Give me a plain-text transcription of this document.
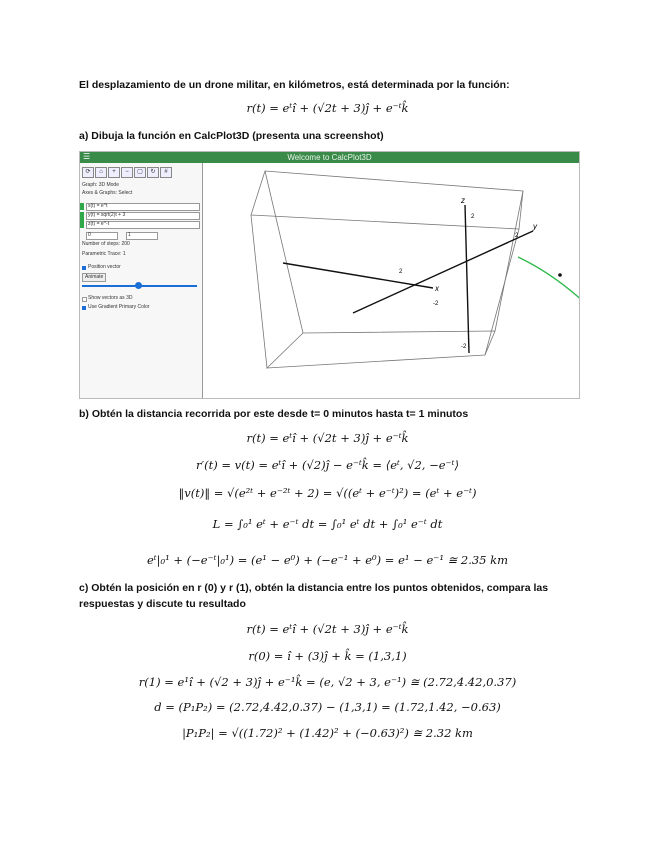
El desplazamiento de un drone militar, en kilómetros, está determinada por la función:
r(t) = eᵗî + (√2t + 3)ĵ + e⁻ᵗk̂
a) Dibuja la función en CalcPlot3D (presenta una screenshot)
Welcome to CalcPlot3D
☰
⟳	⌂	+	−	▢	↻	#
Graph: 3D Mode
Axes & Graphs: Select
x(t) = e^t
y(t) = sqrt(2)t + 3
z(t) = e^-t
0	1
Number of steps: 200
Parametric Trace: 1
Position vector
Animate
Show vectors as 3D
Use Gradient Primary Color
y
x
z
2
-2
2
2
-2
b) Obtén la distancia recorrida por este desde t= 0 minutos hasta t= 1 minutos
r(t) = eᵗî + (√2t + 3)ĵ + e⁻ᵗk̂
r′(t) = v(t) = eᵗî + (√2)ĵ − e⁻ᵗk̂ = ⟨eᵗ, √2, −e⁻ᵗ⟩
‖v(t)‖ = √(e²ᵗ + e⁻²ᵗ + 2) = √((eᵗ + e⁻ᵗ)²) = (eᵗ + e⁻ᵗ)
L = ∫₀¹ eᵗ + e⁻ᵗ dt = ∫₀¹ eᵗ dt + ∫₀¹ e⁻ᵗ dt
eᵗ|₀¹ + (−e⁻ᵗ|₀¹) = (e¹ − e⁰) + (−e⁻¹ + e⁰) = e¹ − e⁻¹ ≅ 2.35 km
c) Obtén la posición en r (0) y r (1), obtén la distancia entre los puntos obtenidos, compara las
respuestas y discute tu resultado
r(t) = eᵗî + (√2t + 3)ĵ + e⁻ᵗk̂
r(0) = î + (3)ĵ + k̂ = (1,3,1)
r(1) = e¹î + (√2 + 3)ĵ + e⁻¹k̂ = (e, √2 + 3, e⁻¹) ≅ (2.72,4.42,0.37)
d = (P₁P₂) = (2.72,4.42,0.37) − (1,3,1) = (1.72,1.42, −0.63)
|P₁P₂| = √((1.72)² + (1.42)² + (−0.63)²) ≅ 2.32 km
